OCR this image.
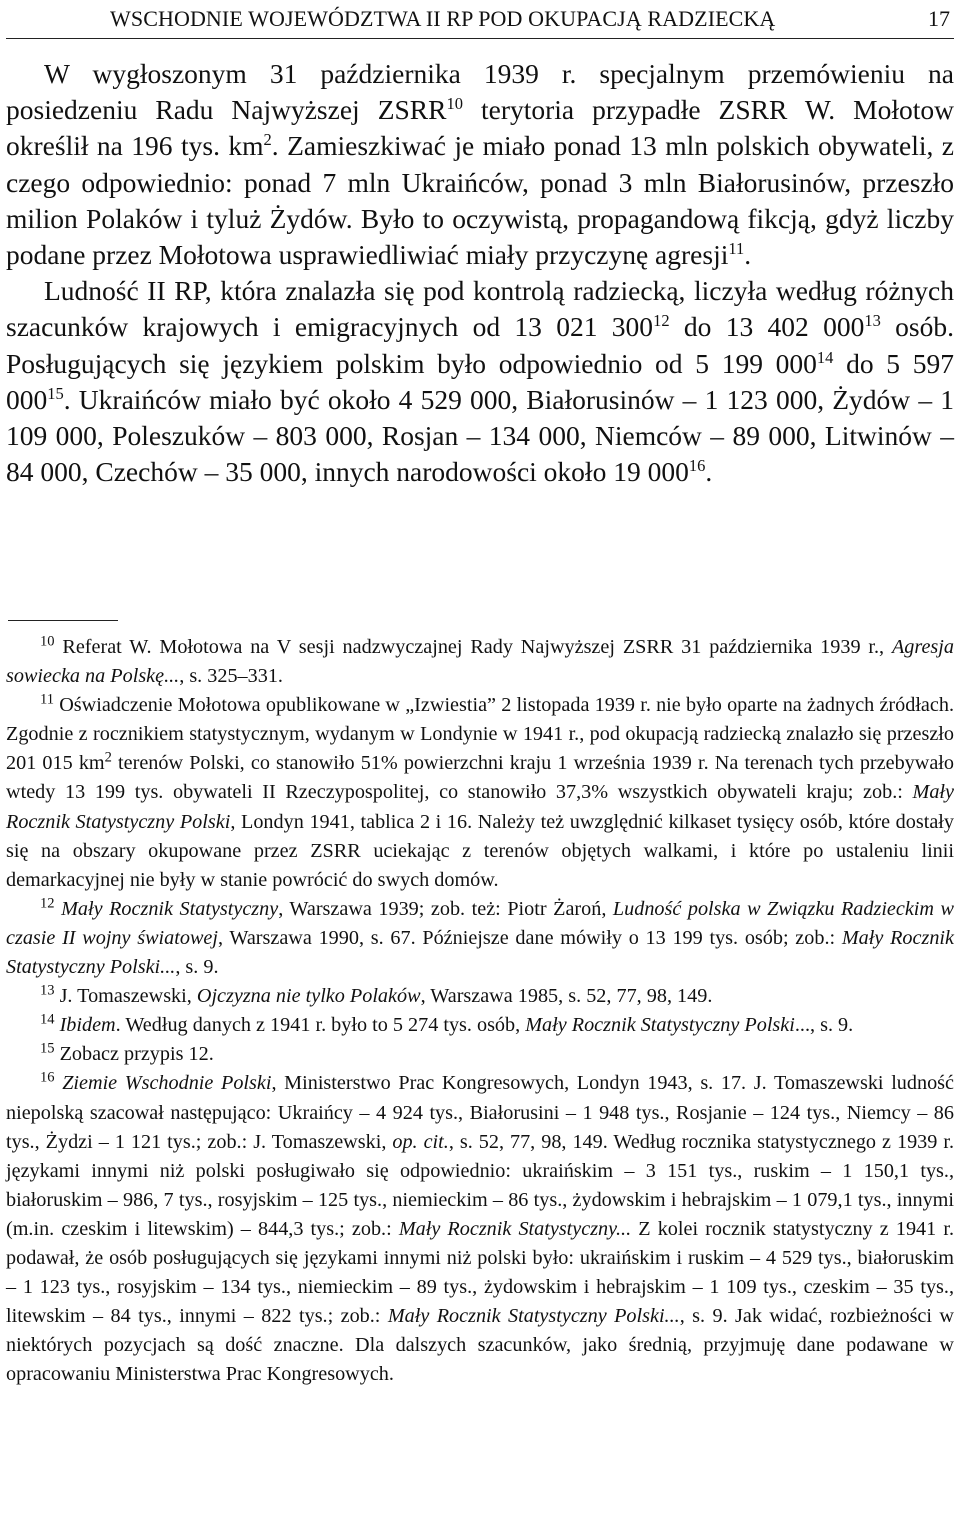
WSCHODNIE WOJEWÓDZTWA II RP POD OKUPACJĄ RADZIECKĄ	17

W wygłoszonym 31 października 1939 r. specjalnym przemówieniu na posiedzeniu Radu Najwyższej ZSRR$^{10}$ terytoria przypadłe ZSRR W. Mołotow określił na 196 tys. $km^2$. Zamieszkiwać je miało ponad 13 mln polskich obywateli, z czego odpowiednio: ponad 7 mln Ukraińców, ponad 3 mln Białorusinów, przeszło milion Polaków i tyluż Żydów. Było to oczywistą, propagandową fikcją, gdyż liczby podane przez Mołotowa usprawiedliwiać miały przyczynę agresji$^{11}$.

Ludność II RP, która znalazła się pod kontrolą radziecką, liczyła według różnych szacunków krajowych i emigracyjnych od 13 021 $300^{12}$ do 13 402 $000^{13}$ osób. Posługujących się językiem polskim było odpowiednio od 5 199 $000^{14}$ do 5 597 $000^{15}$. Ukraińców miało być około 4 529 000, Białorusinów – 1 123 000, Żydów – 1 109 000, Poleszuków – 803 000, Rosjan – 134 000, Niemców – 89 000, Litwinów – 84 000, Czechów – 35 000, innych narodowości około 19 $000^{16}$.

$^{10}$ Referat W. Mołotowa na V sesji nadzwyczajnej Rady Najwyższej ZSRR 31 października 1939 r., Agresja sowiecka na Polskę..., s. 325–331.

$^{11}$ Oświadczenie Mołotowa opublikowane w „Izwiestia” 2 listopada 1939 r. nie było oparte na żadnych źródłach. Zgodnie z rocznikiem statystycznym, wydanym w Londynie w 1941 r., pod okupacją radziecką znalazło się przeszło 201 015 $km^2$ terenów Polski, co stanowiło 51% powierzchni kraju 1 września 1939 r. Na terenach tych przebywało wtedy 13 199 tys. obywateli II Rzeczypospolitej, co stanowiło 37,3% wszystkich obywateli kraju; zob.: Mały Rocznik Statystyczny Polski, Londyn 1941, tablica 2 i 16. Należy też uwzględnić kilkaset tysięcy osób, które dostały się na obszary okupowane przez ZSRR uciekając z terenów objętych walkami, i które po ustaleniu linii demarkacyjnej nie były w stanie powrócić do swych domów.

$^{12}$ Mały Rocznik Statystyczny, Warszawa 1939; zob. też: Piotr Żaroń, Ludność polska w Związku Radzieckim w czasie II wojny światowej, Warszawa 1990, s. 67. Późniejsze dane mówiły o 13 199 tys. osób; zob.: Mały Rocznik Statystyczny Polski..., s. 9.

$^{13}$ J. Tomaszewski, Ojczyzna nie tylko Polaków, Warszawa 1985, s. 52, 77, 98, 149.

$^{14}$ Ibidem. Według danych z 1941 r. było to 5 274 tys. osób, Mały Rocznik Statystyczny Polski..., s. 9.

$^{15}$ Zobacz przypis 12.

$^{16}$ Ziemie Wschodnie Polski, Ministerstwo Prac Kongresowych, Londyn 1943, s. 17. J. Tomaszewski ludność niepolską szacował następująco: Ukraińcy – 4 924 tys., Białorusini – 1 948 tys., Rosjanie – 124 tys., Niemcy – 86 tys., Żydzi – 1 121 tys.; zob.: J. Tomaszewski, op. cit., s. 52, 77, 98, 149. Według rocznika statystycznego z 1939 r. językami innymi niż polski posługiwało się odpowiednio: ukraińskim – 3 151 tys., ruskim – 1 150,1 tys., białoruskim – 986, 7 tys., rosyjskim – 125 tys., niemieckim – 86 tys., żydowskim i hebrajskim – 1 079,1 tys., innymi (m.in. czeskim i litewskim) – 844,3 tys.; zob.: Mały Rocznik Statystyczny... Z kolei rocznik statystyczny z 1941 r. podawał, że osób posługujących się językami innymi niż polski było: ukraińskim i ruskim – 4 529 tys., białoruskim – 1 123 tys., rosyjskim – 134 tys., niemieckim – 89 tys., żydowskim i hebrajskim – 1 109 tys., czeskim – 35 tys., litewskim – 84 tys., innymi – 822 tys.; zob.: Mały Rocznik Statystyczny Polski..., s. 9. Jak widać, rozbieżności w niektórych pozycjach są dość znaczne. Dla dalszych szacunków, jako średnią, przyjmuję dane podawane w opracowaniu Ministerstwa Prac Kongresowych.
